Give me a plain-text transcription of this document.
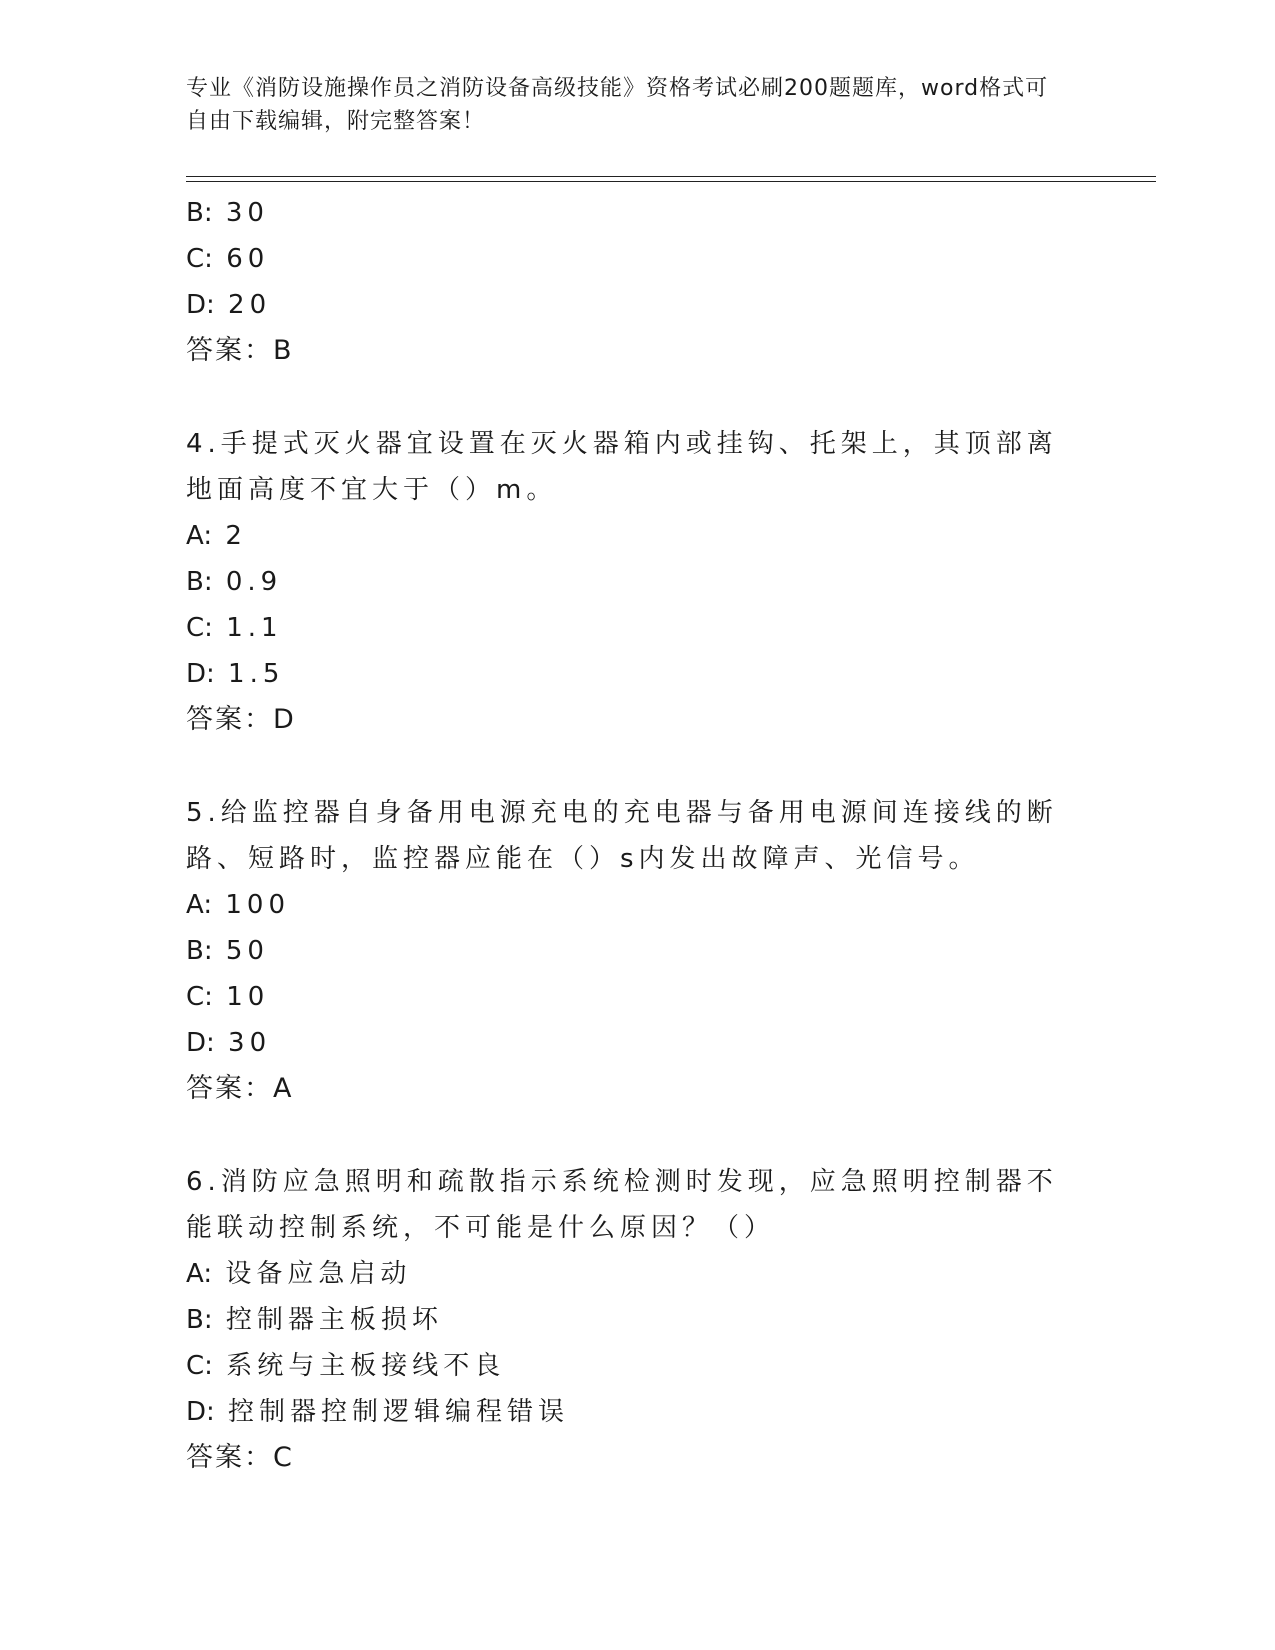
专业《消防设施操作员之消防设备高级技能》资格考试必刷200题题库，word格式可自由下载编辑，附完整答案！
B: 30
C: 60
D: 20
答案：B
4.手提式灭火器宜设置在灭火器箱内或挂钩、托架上，其顶部离地面高度不宜大于（）m。
A: 2
B: 0.9
C: 1.1
D: 1.5
答案：D
5.给监控器自身备用电源充电的充电器与备用电源间连接线的断路、短路时，监控器应能在（）s内发出故障声、光信号。
A: 100
B: 50
C: 10
D: 30
答案：A
6.消防应急照明和疏散指示系统检测时发现，应急照明控制器不能联动控制系统，不可能是什么原因？（）
A: 设备应急启动
B: 控制器主板损坏
C: 系统与主板接线不良
D: 控制器控制逻辑编程错误
答案：C
